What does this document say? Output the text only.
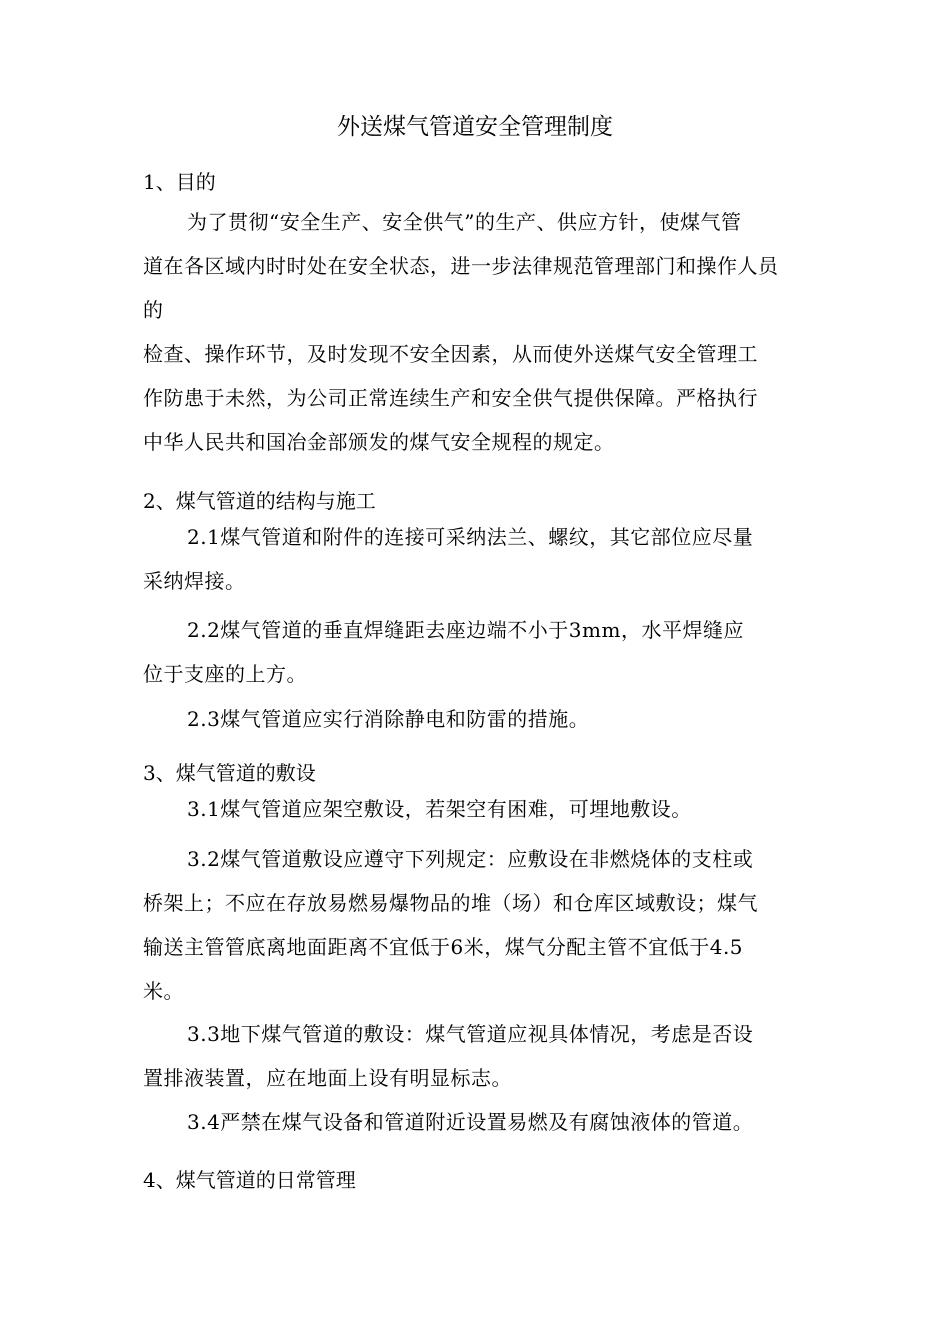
外送煤气管道安全管理制度
1、目的
为了贯彻“安全生产、安全供气”的生产、供应方针，使煤气管
道在各区域内时时处在安全状态，进一步法律规范管理部门和操作人员
的
检查、操作环节，及时发现不安全因素，从而使外送煤气安全管理工
作防患于未然，为公司正常连续生产和安全供气提供保障。严格执行
中华人民共和国冶金部颁发的煤气安全规程的规定。
2、煤气管道的结构与施工
2.1煤气管道和附件的连接可采纳法兰、螺纹，其它部位应尽量
采纳焊接。
2.2煤气管道的垂直焊缝距去座边端不小于3mm，水平焊缝应
位于支座的上方。
2.3煤气管道应实行消除静电和防雷的措施。
3、煤气管道的敷设
3.1煤气管道应架空敷设，若架空有困难，可埋地敷设。
3.2煤气管道敷设应遵守下列规定：应敷设在非燃烧体的支柱或
桥架上；不应在存放易燃易爆物品的堆（场）和仓库区域敷设；煤气
输送主管管底离地面距离不宜低于6米，煤气分配主管不宜低于4.5
米。
3.3地下煤气管道的敷设：煤气管道应视具体情况，考虑是否设
置排液装置，应在地面上设有明显标志。
3.4严禁在煤气设备和管道附近设置易燃及有腐蚀液体的管道。
4、煤气管道的日常管理
